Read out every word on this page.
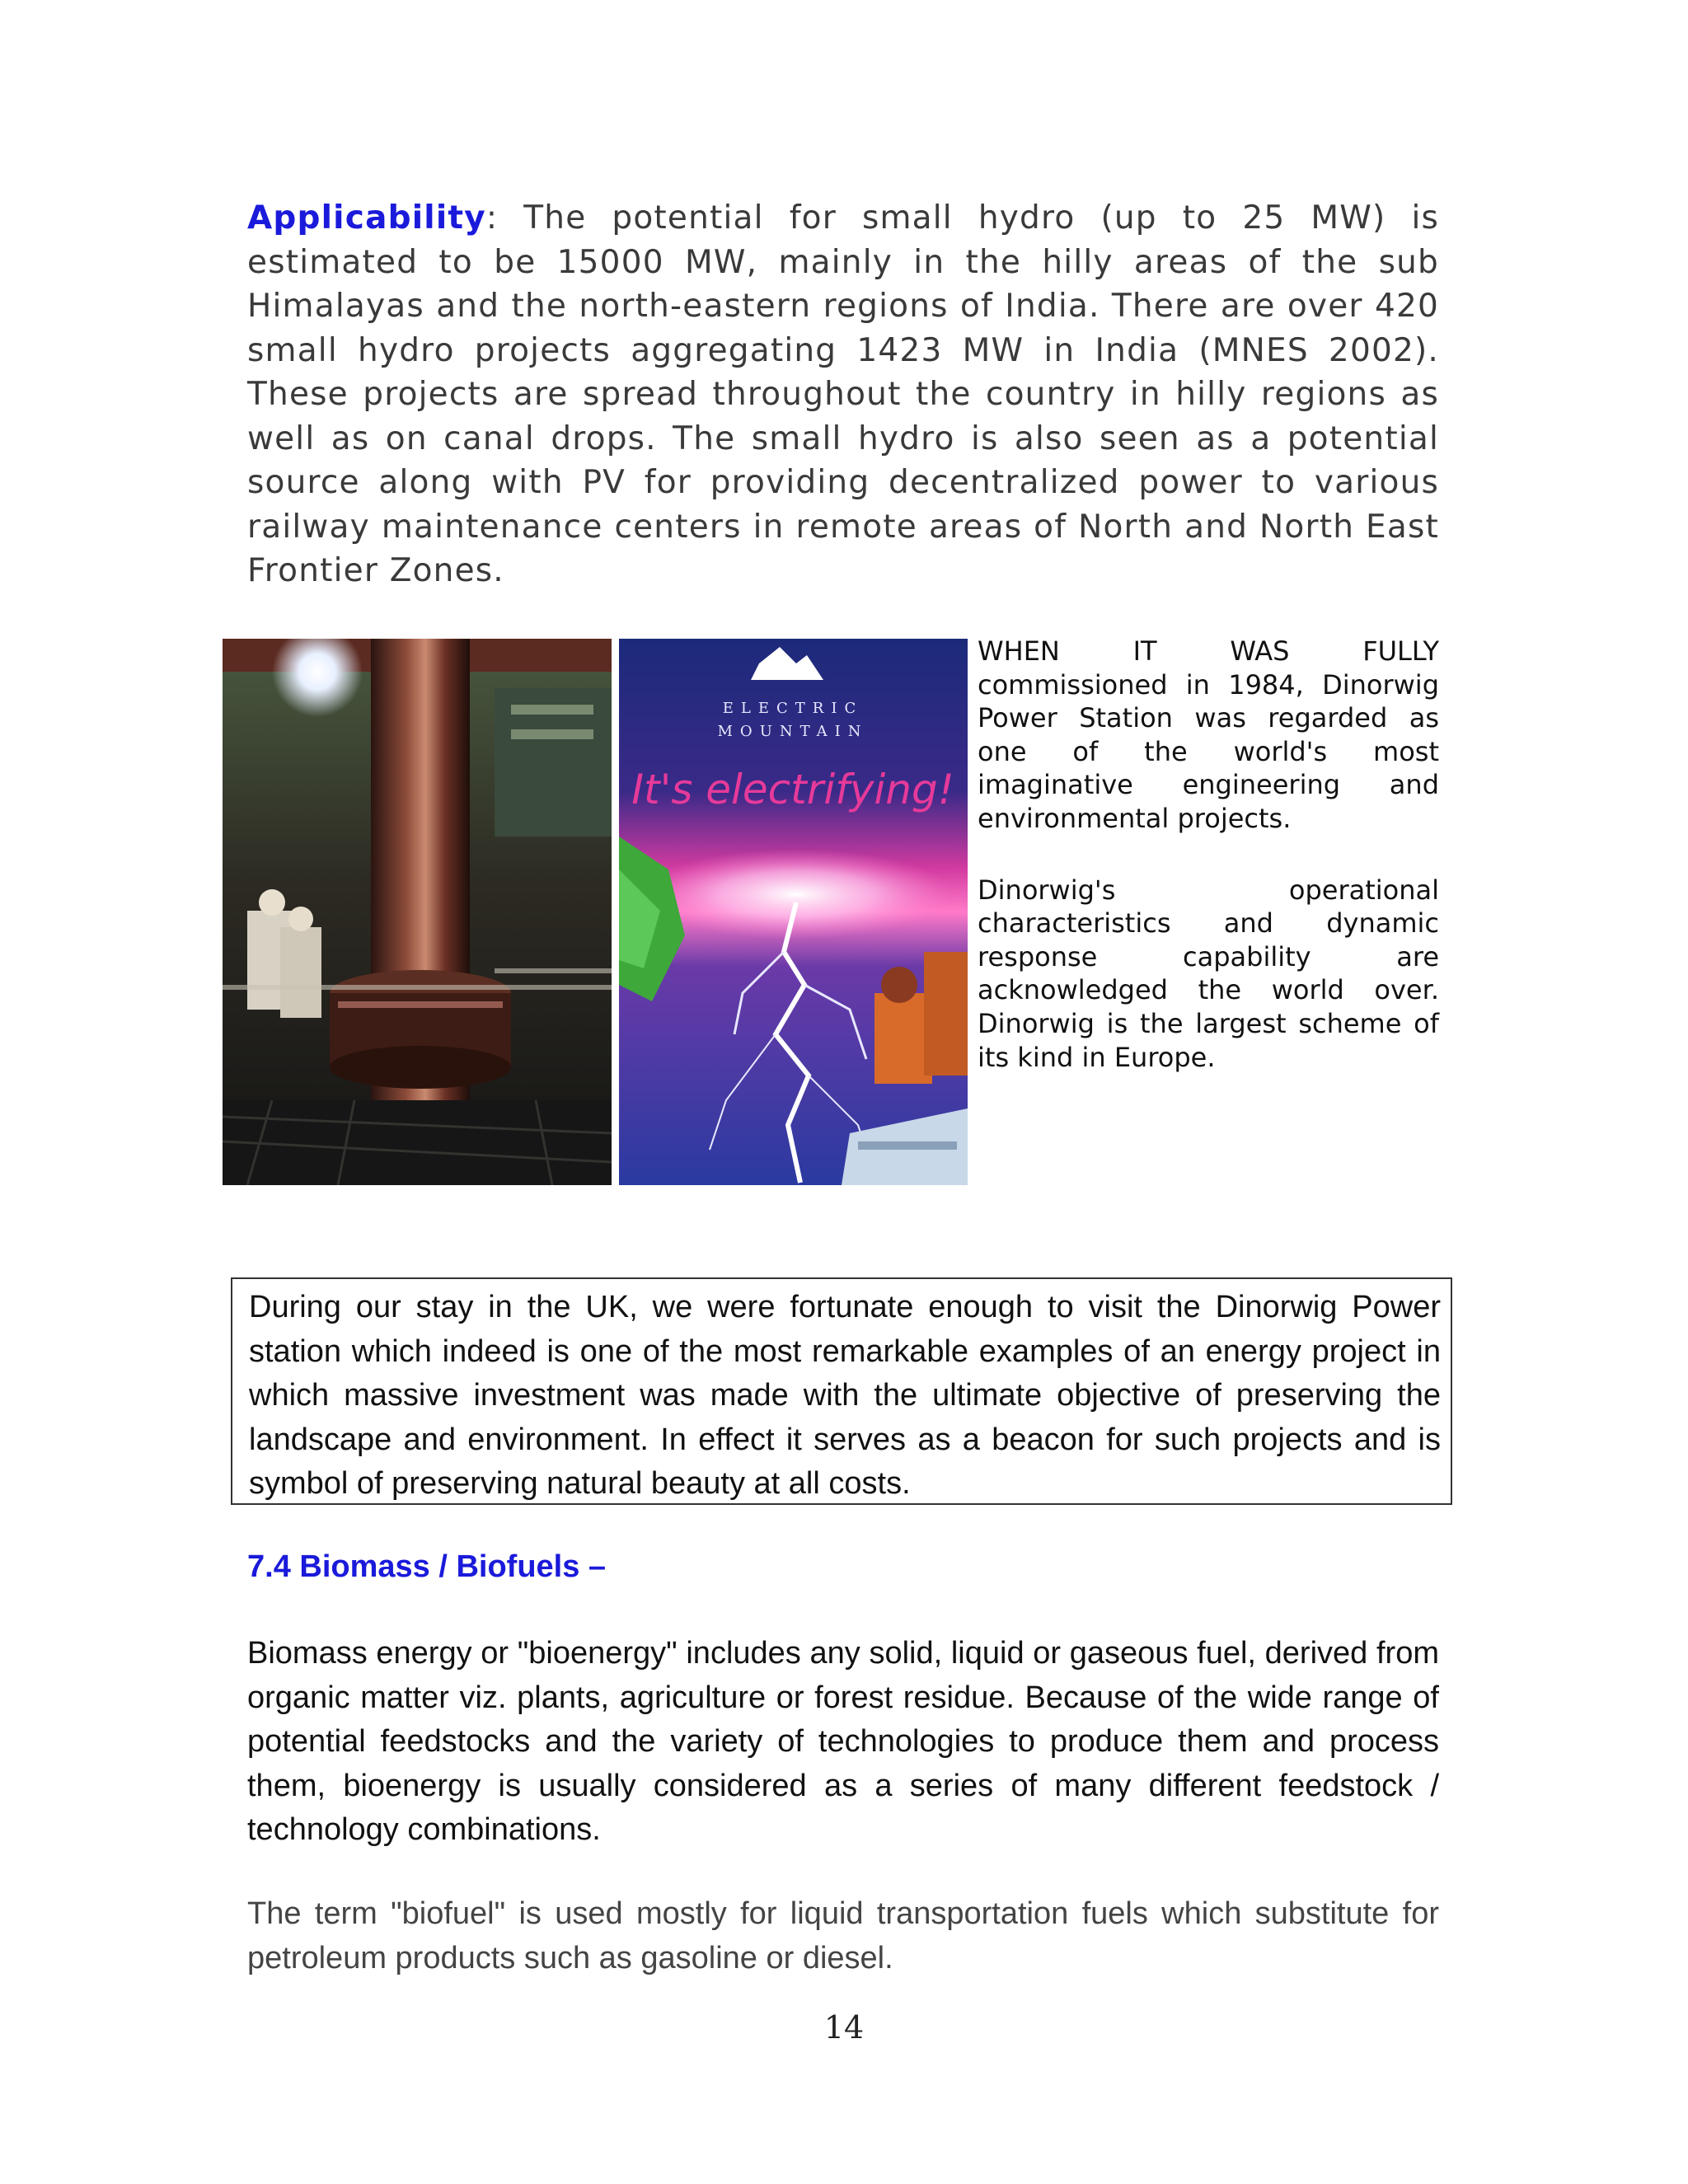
Applicability: The potential for small hydro (up to 25 MW) is estimated to be 15000 MW, mainly in the hilly areas of the sub Himalayas and the north-eastern regions of India. There are over 420 small hydro projects aggregating 1423 MW in India (MNES 2002). These projects are spread throughout the country in hilly regions as well as on canal drops. The small hydro is also seen as a potential source along with PV for providing decentralized power to various railway maintenance centers in remote areas of North and North East Frontier Zones.

ELECTRIC
MOUNTAIN
It's electrifying!

WHEN IT WAS FULLY commissioned in 1984, Dinorwig Power Station was regarded as one of the world's most imaginative engineering and environmental projects.

Dinorwig's operational characteristics and dynamic response capability are acknowledged the world over. Dinorwig is the largest scheme of its kind in Europe.

During our stay in the UK, we were fortunate enough to visit the Dinorwig Power station which indeed is one of the most remarkable examples of an energy project in which massive investment was made with the ultimate objective of preserving the landscape and environment. In effect it serves as a beacon for such projects and is symbol of preserving natural beauty at all costs.

7.4 Biomass / Biofuels –

Biomass energy or "bioenergy" includes any solid, liquid or gaseous fuel, derived from organic matter viz. plants, agriculture or forest residue. Because of the wide range of potential feedstocks and the variety of technologies to produce them and process them, bioenergy is usually considered as a series of many different feedstock / technology combinations.

The term "biofuel" is used mostly for liquid transportation fuels which substitute for petroleum products such as gasoline or diesel.

14
